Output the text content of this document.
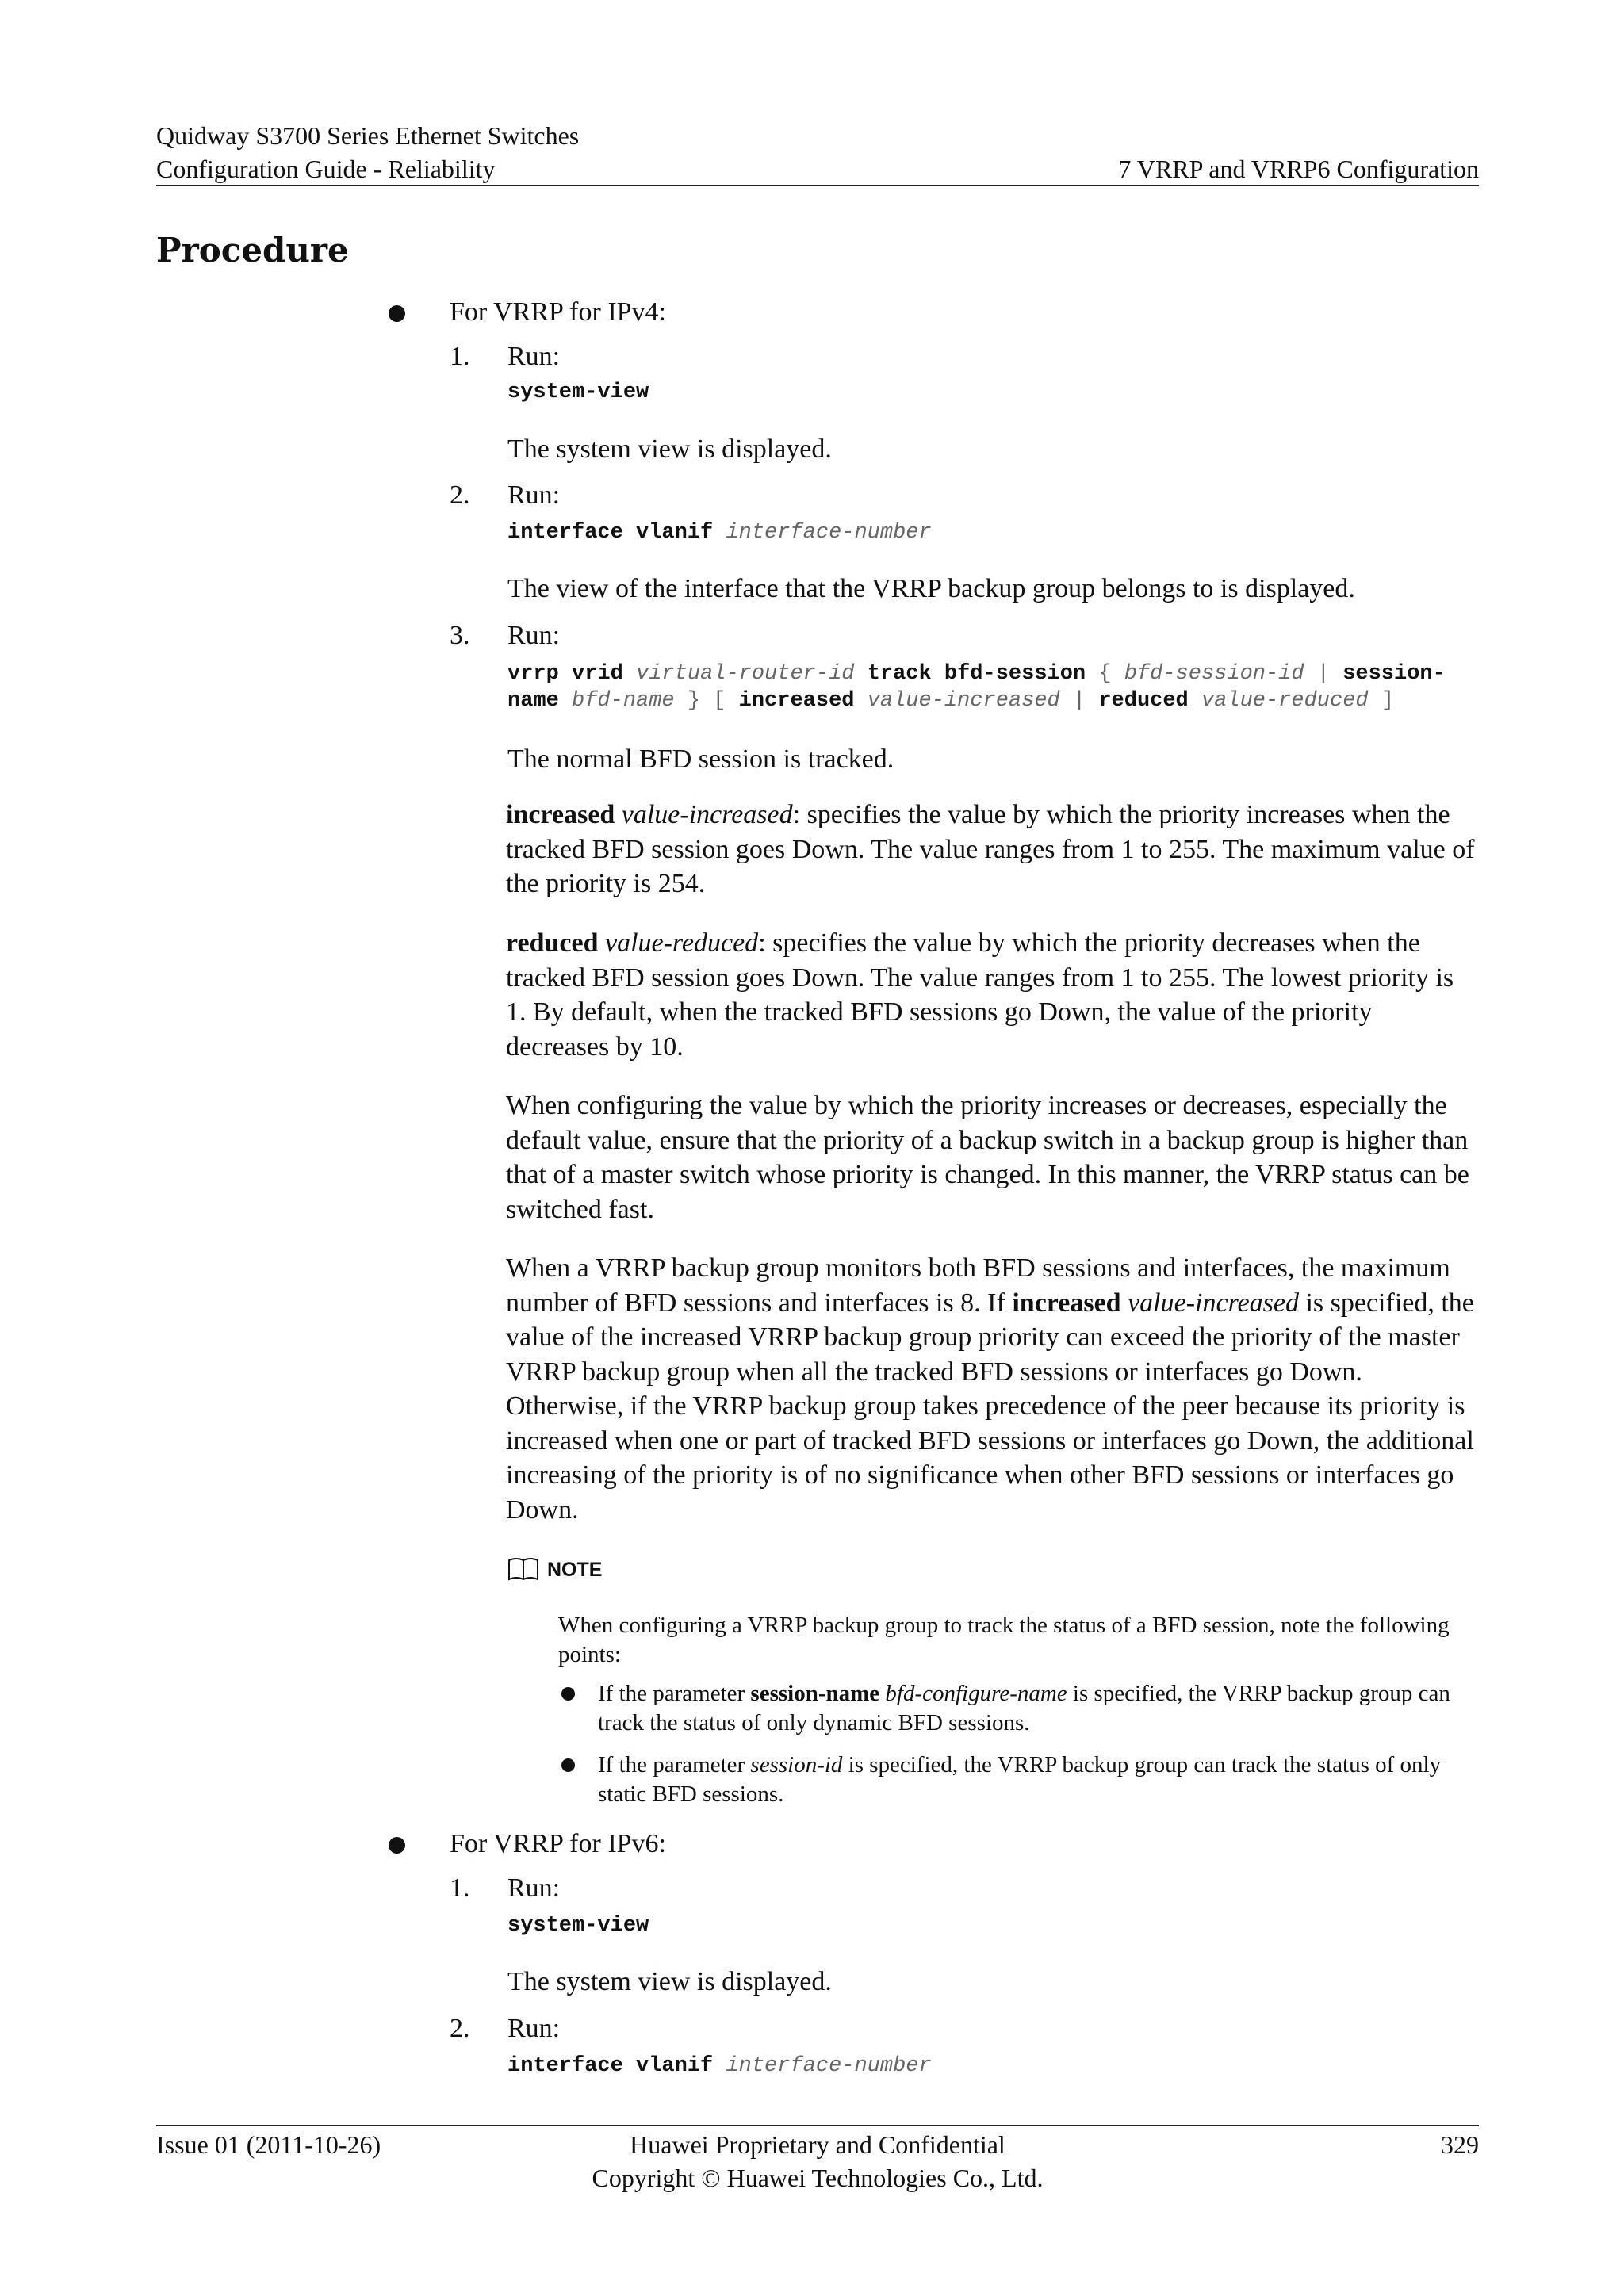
Quidway S3700 Series Ethernet Switches
Configuration Guide - Reliability	7 VRRP and VRRP6 Configuration
Procedure
For VRRP for IPv4:
1. Run:
system-view
The system view is displayed.
2. Run:
interface vlanif interface-number
The view of the interface that the VRRP backup group belongs to is displayed.
3. Run:
vrrp vrid virtual-router-id track bfd-session { bfd-session-id | session-
name bfd-name } [ increased value-increased | reduced value-reduced ]
The normal BFD session is tracked.

increased value-increased: specifies the value by which the priority increases when the tracked BFD session goes Down. The value ranges from 1 to 255. The maximum value of the priority is 254.

reduced value-reduced: specifies the value by which the priority decreases when the tracked BFD session goes Down. The value ranges from 1 to 255. The lowest priority is 1. By default, when the tracked BFD sessions go Down, the value of the priority decreases by 10.

When configuring the value by which the priority increases or decreases, especially the default value, ensure that the priority of a backup switch in a backup group is higher than that of a master switch whose priority is changed. In this manner, the VRRP status can be switched fast.

When a VRRP backup group monitors both BFD sessions and interfaces, the maximum number of BFD sessions and interfaces is 8. If increased value-increased is specified, the value of the increased VRRP backup group priority can exceed the priority of the master VRRP backup group when all the tracked BFD sessions or interfaces go Down. Otherwise, if the VRRP backup group takes precedence of the peer because its priority is increased when one or part of tracked BFD sessions or interfaces go Down, the additional increasing of the priority is of no significance when other BFD sessions or interfaces go Down.

NOTE
When configuring a VRRP backup group to track the status of a BFD session, note the following points:
If the parameter session-name bfd-configure-name is specified, the VRRP backup group can track the status of only dynamic BFD sessions.
If the parameter session-id is specified, the VRRP backup group can track the status of only static BFD sessions.
For VRRP for IPv6:
1. Run:
system-view
The system view is displayed.
2. Run:
interface vlanif interface-number
Issue 01 (2011-10-26)	Huawei Proprietary and Confidential
Copyright © Huawei Technologies Co., Ltd.
329
